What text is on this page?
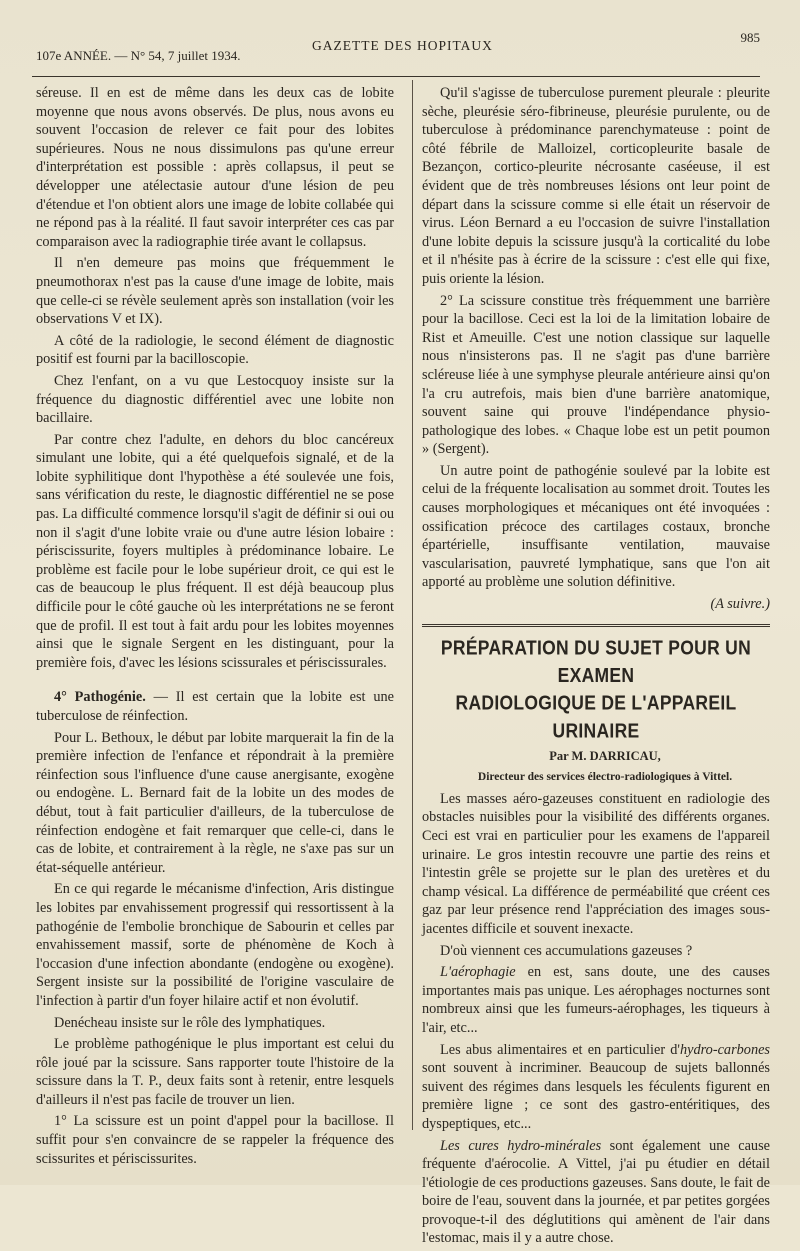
107e ANNÉE. — N° 54, 7 juillet 1934.
GAZETTE DES HOPITAUX
985

séreuse. Il en est de même dans les deux cas de lobite moyenne que nous avons observés. De plus, nous avons eu souvent l'occasion de relever ce fait pour des lobites supérieures. Nous ne nous dissimulons pas qu'une erreur d'interprétation est possible : après collapsus, il peut se développer une atélectasie autour d'une lésion de peu d'étendue et l'on obtient alors une image de lobite collabée qui ne répond pas à la réalité. Il faut savoir interpréter ces cas par comparaison avec la radiographie tirée avant le collapsus.

Il n'en demeure pas moins que fréquemment le pneumothorax n'est pas la cause d'une image de lobite, mais que celle-ci se révèle seulement après son installation (voir les observations V et IX).

A côté de la radiologie, le second élément de diagnostic positif est fourni par la bacilloscopie.

Chez l'enfant, on a vu que Lestocquoy insiste sur la fréquence du diagnostic différentiel avec une lobite non bacillaire.

Par contre chez l'adulte, en dehors du bloc cancéreux simulant une lobite, qui a été quelquefois signalé, et de la lobite syphilitique dont l'hypothèse a été soulevée une fois, sans vérification du reste, le diagnostic différentiel ne se pose pas. La difficulté commence lorsqu'il s'agit de définir si oui ou non il s'agit d'une lobite vraie ou d'une autre lésion lobaire : périscissurite, foyers multiples à prédominance lobaire. Le problème est facile pour le lobe supérieur droit, ce qui est le cas de beaucoup le plus fréquent. Il est déjà beaucoup plus difficile pour le côté gauche où les interprétations ne se feront que de profil. Il est tout à fait ardu pour les lobites moyennes ainsi que le signale Sergent en les distinguant, pour la première fois, d'avec les lésions scissurales et périscissurales.

4° Pathogénie. — Il est certain que la lobite est une tuberculose de réinfection.

Pour L. Bethoux, le début par lobite marquerait la fin de la première infection de l'enfance et répondrait à la première réinfection sous l'influence d'une cause anergisante, exogène ou endogène. L. Bernard fait de la lobite un des modes de début, tout à fait particulier d'ailleurs, de la tuberculose de réinfection endogène et fait remarquer que celle-ci, dans le cas de lobite, et contrairement à la règle, ne s'axe pas sur un état-séquelle antérieur.

En ce qui regarde le mécanisme d'infection, Aris distingue les lobites par envahissement progressif qui ressortissent à la pathogénie de l'embolie bronchique de Sabourin et celles par envahissement massif, sorte de phénomène de Koch à l'occasion d'une infection abondante (endogène ou exogène). Sergent insiste sur la possibilité de l'origine vasculaire de l'infection à partir d'un foyer hilaire actif et non évolutif.

Denécheau insiste sur le rôle des lymphatiques.

Le problème pathogénique le plus important est celui du rôle joué par la scissure. Sans rapporter toute l'histoire de la scissure dans la T. P., deux faits sont à retenir, entre lesquels d'ailleurs il n'est pas facile de trouver un lien.

1° La scissure est un point d'appel pour la bacillose. Il suffit pour s'en convaincre de se rappeler la fréquence des scissurites et périscissurites.

Qu'il s'agisse de tuberculose purement pleurale : pleurite sèche, pleurésie séro-fibrineuse, pleurésie purulente, ou de tuberculose à prédominance parenchymateuse : point de côté fébrile de Malloizel, corticopleurite basale de Bezançon, cortico-pleurite nécrosante caséeuse, il est évident que de très nombreuses lésions ont leur point de départ dans la scissure comme si elle était un réservoir de virus. Léon Bernard a eu l'occasion de suivre l'installation d'une lobite depuis la scissure jusqu'à la corticalité du lobe et il n'hésite pas à écrire de la scissure : c'est elle qui fixe, puis oriente la lésion.

2° La scissure constitue très fréquemment une barrière pour la bacillose. Ceci est la loi de la limitation lobaire de Rist et Ameuille. C'est une notion classique sur laquelle nous n'insisterons pas. Il ne s'agit pas d'une barrière scléreuse liée à une symphyse pleurale antérieure ainsi qu'on l'a cru autrefois, mais bien d'une barrière anatomique, souvent saine qui prouve l'indépendance physio-pathologique des lobes. « Chaque lobe est un petit poumon » (Sergent).

Un autre point de pathogénie soulevé par la lobite est celui de la fréquente localisation au sommet droit. Toutes les causes morphologiques et mécaniques ont été invoquées : ossification précoce des cartilages costaux, bronche épartérielle, insuffisante ventilation, mauvaise vascularisation, pauvreté lymphatique, sans que l'on ait apporté au problème une solution définitive.

(A suivre.)

PRÉPARATION DU SUJET POUR UN EXAMEN
RADIOLOGIQUE DE L'APPAREIL URINAIRE

Par M. DARRICAU,

Directeur des services électro-radiologiques à Vittel.

Les masses aéro-gazeuses constituent en radiologie des obstacles nuisibles pour la visibilité des différents organes. Ceci est vrai en particulier pour les examens de l'appareil urinaire. Le gros intestin recouvre une partie des reins et l'intestin grêle se projette sur le plan des uretères et du champ vésical. La différence de perméabilité que créent ces gaz par leur présence rend l'appréciation des images sous-jacentes difficile et souvent inexacte.

D'où viennent ces accumulations gazeuses ?

L'aérophagie en est, sans doute, une des causes importantes mais pas unique. Les aérophages nocturnes sont nombreux ainsi que les fumeurs-aérophages, les tiqueurs à l'air, etc...

Les abus alimentaires et en particulier d'hydro-carbones sont souvent à incriminer. Beaucoup de sujets ballonnés suivent des régimes dans lesquels les féculents figurent en première ligne ; ce sont des gastro-entéritiques, des dyspeptiques, etc...

Les cures hydro-minérales sont également une cause fréquente d'aérocolie. A Vittel, j'ai pu étudier en détail l'étiologie de ces productions gazeuses. Sans doute, le fait de boire de l'eau, souvent dans la journée, et par petites gorgées provoque-t-il des déglutitions qui amènent de l'air dans l'estomac, mais il y a autre chose.
